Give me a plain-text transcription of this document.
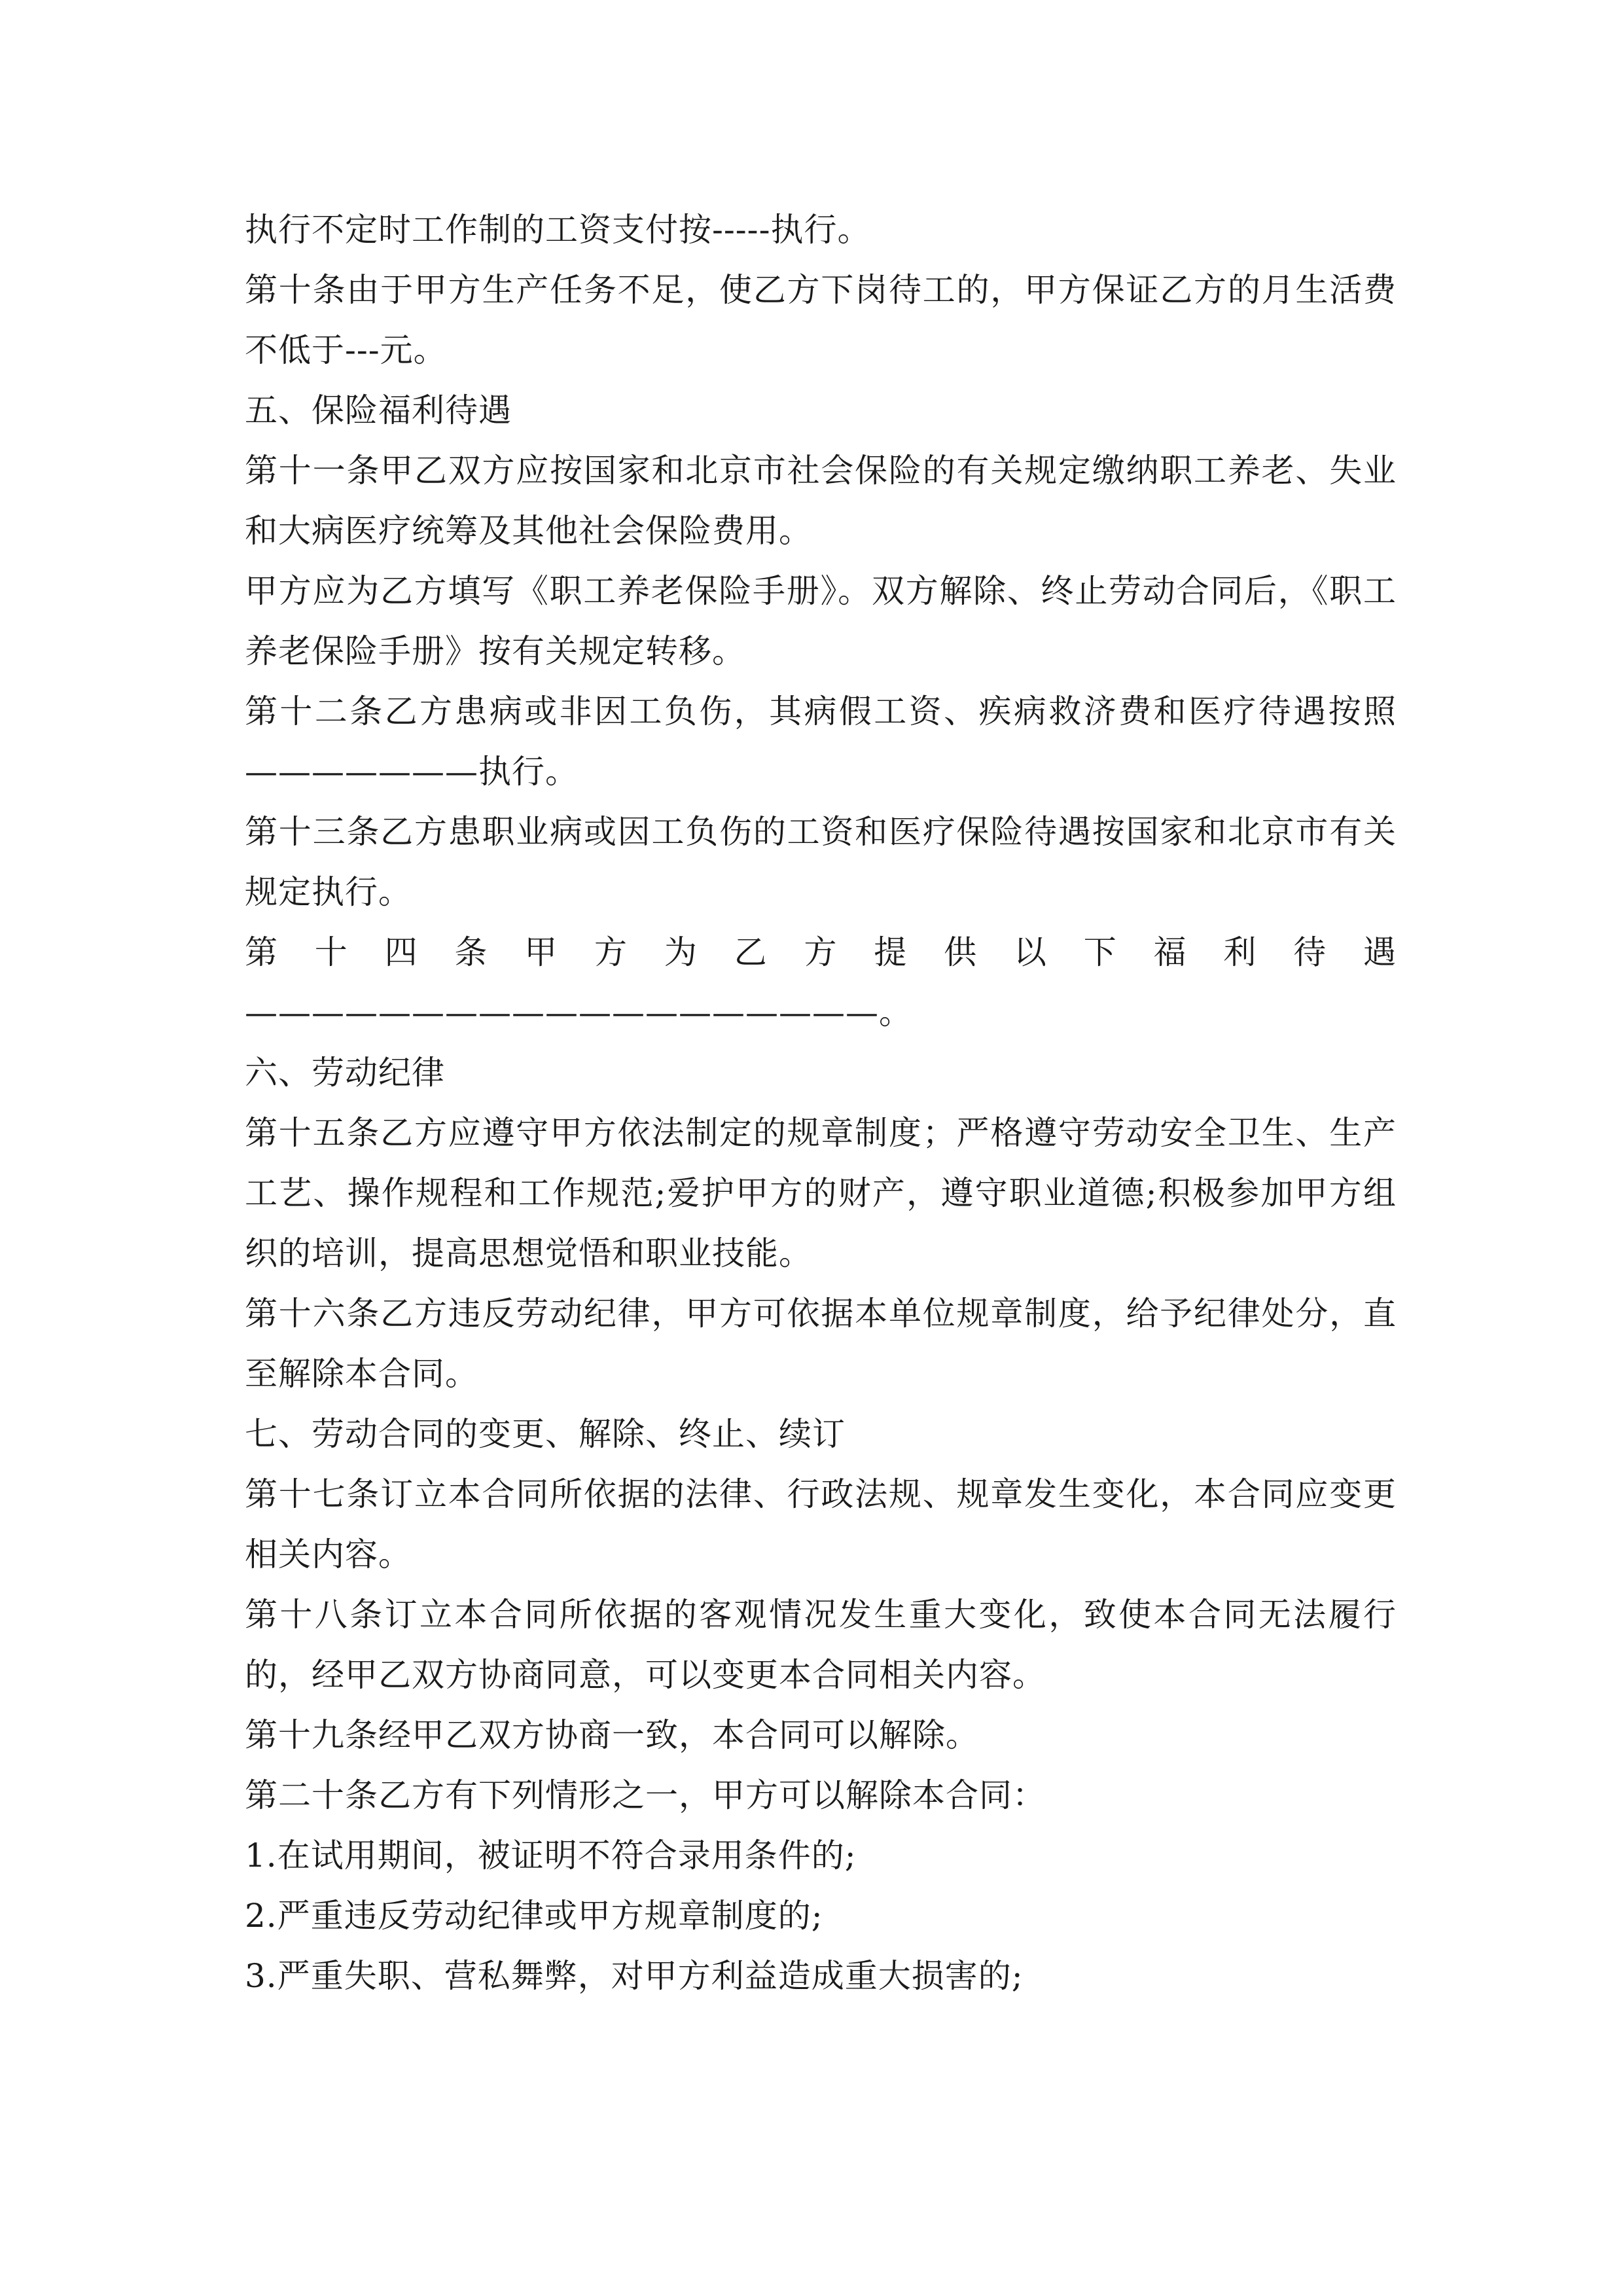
执行不定时工作制的工资支付按-----执行。

第十条由于甲方生产任务不足，使乙方下岗待工的，甲方保证乙方的月生活费不低于---元。

五、保险福利待遇

第十一条甲乙双方应按国家和北京市社会保险的有关规定缴纳职工养老、失业和大病医疗统筹及其他社会保险费用。

甲方应为乙方填写《职工养老保险手册》。双方解除、终止劳动合同后，《职工养老保险手册》按有关规定转移。

第十二条乙方患病或非因工负伤，其病假工资、疾病救济费和医疗待遇按照———————执行。

第十三条乙方患职业病或因工负伤的工资和医疗保险待遇按国家和北京市有关规定执行。

第十四条甲方为乙方提供以下福利待遇———————————————————。

六、劳动纪律

第十五条乙方应遵守甲方依法制定的规章制度；严格遵守劳动安全卫生、生产工艺、操作规程和工作规范;爱护甲方的财产，遵守职业道德;积极参加甲方组织的培训，提高思想觉悟和职业技能。

第十六条乙方违反劳动纪律，甲方可依据本单位规章制度，给予纪律处分，直至解除本合同。

七、劳动合同的变更、解除、终止、续订

第十七条订立本合同所依据的法律、行政法规、规章发生变化，本合同应变更相关内容。

第十八条订立本合同所依据的客观情况发生重大变化，致使本合同无法履行的，经甲乙双方协商同意，可以变更本合同相关内容。

第十九条经甲乙双方协商一致，本合同可以解除。

第二十条乙方有下列情形之一，甲方可以解除本合同：

1.在试用期间，被证明不符合录用条件的;

2.严重违反劳动纪律或甲方规章制度的;

3.严重失职、营私舞弊，对甲方利益造成重大损害的;
